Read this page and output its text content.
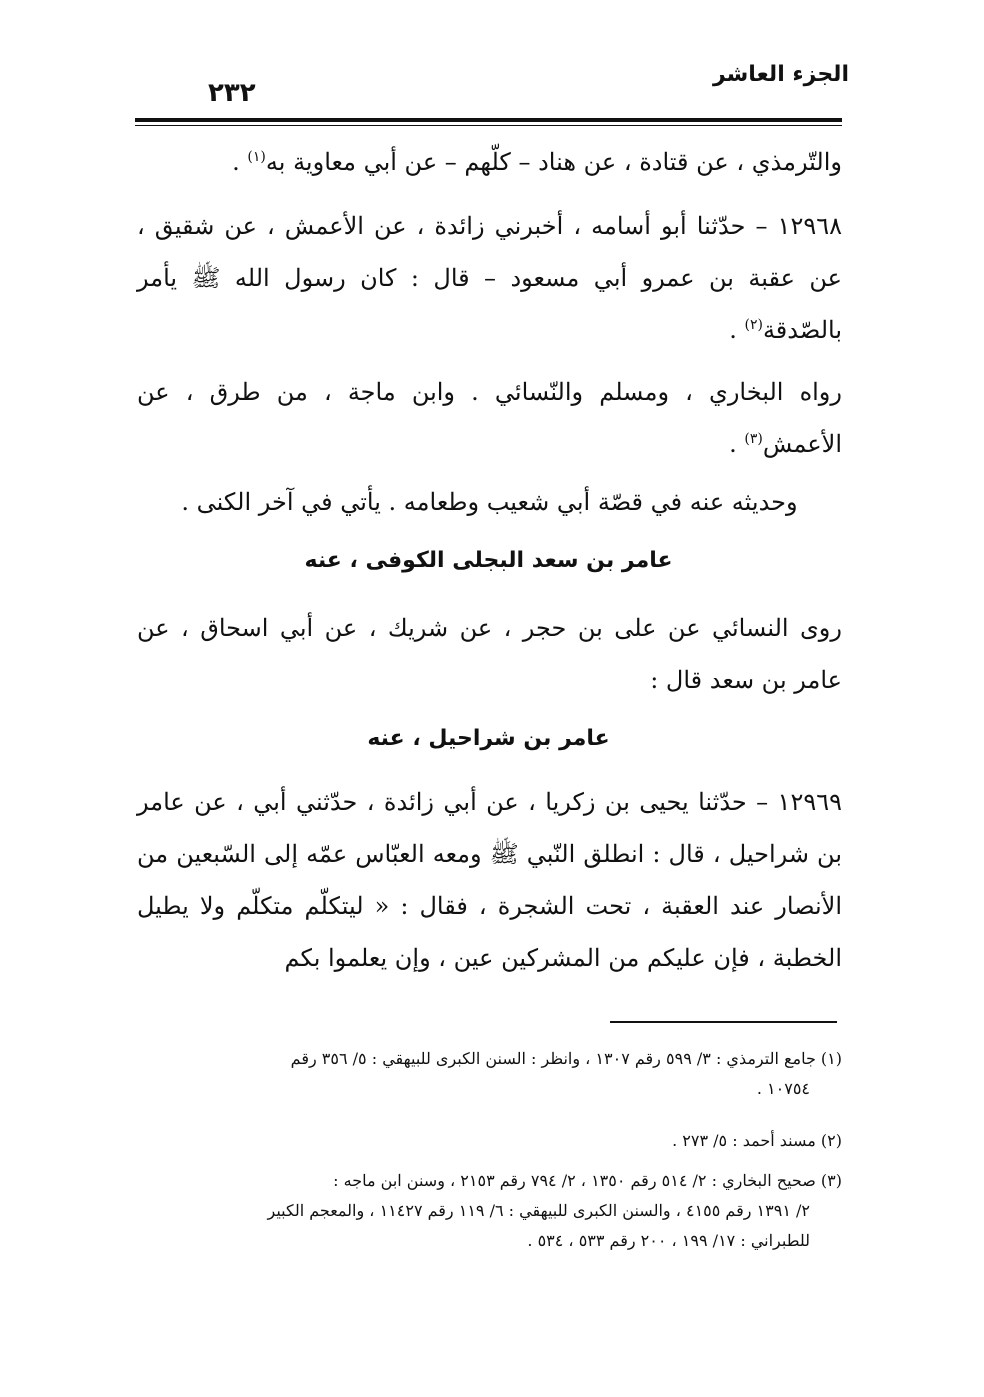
الجزء العاشر
٢٣٢

والتّرمذي ، عن قتادة ، عن هناد – كلّهم – عن أبي معاوية به$^{(١)}$ .

١٢٩٦٨ – حدّثنا أبو أسامه ، أخبرني زائدة ، عن الأعمش ، عن شقيق ، عن عقبة بن عمرو أبي مسعود – قال : كان رسول الله ﷺ يأمر بالصّدقة$^{(٢)}$ .

رواه البخاري ، ومسلم والنّسائي . وابن ماجة ، من طرق ، عن الأعمش$^{(٣)}$ .

وحديثه عنه في قصّة أبي شعيب وطعامه . يأتي في آخر الكنى .

عامر بن سعد البجلى الكوفى ، عنه

روى النسائي عن على بن حجر ، عن شريك ، عن أبي اسحاق ، عن عامر بن سعد قال :

عامر بن شراحيل ، عنه

١٢٩٦٩ – حدّثنا يحيى بن زكريا ، عن أبي زائدة ، حدّثني أبي ، عن عامر بن شراحيل ، قال : انطلق النّبي ﷺ ومعه العبّاس عمّه إلى السّبعين من الأنصار عند العقبة ، تحت الشجرة ، فقال : « ليتكلّم متكلّم ولا يطيل الخطبة ، فإن عليكم من المشركين عين ، وإن يعلموا بكم

(١) جامع الترمذي : ٣/ ٥٩٩ رقم ١٣٠٧ ، وانظر : السنن الكبرى للبيهقي : ٥/ ٣٥٦ رقم
١٠٧٥٤ .
(٢) مسند أحمد : ٥/ ٢٧٣ .
(٣) صحيح البخاري : ٢/ ٥١٤ رقم ١٣٥٠ ، ٢/ ٧٩٤ رقم ٢١٥٣ ، وسنن ابن ماجه :
٢/ ١٣٩١ رقم ٤١٥٥ ، والسنن الكبرى للبيهقي : ٦/ ١١٩ رقم ١١٤٢٧ ، والمعجم الكبير
للطبراني : ١٧/ ١٩٩ ، ٢٠٠ رقم ٥٣٣ ، ٥٣٤ .
